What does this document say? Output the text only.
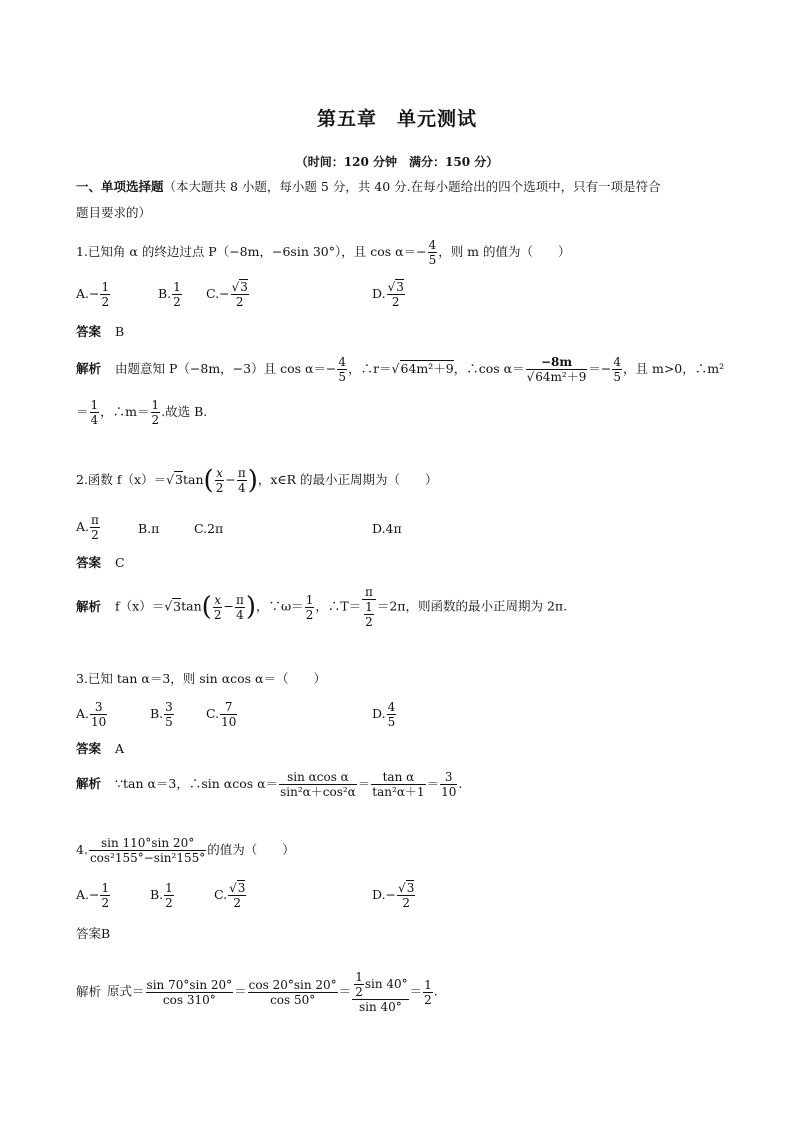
第五章　单元测试
（时间：120 分钟　满分：150 分）
一、单项选择题（本大题共 8 小题，每小题 5 分，共 40 分.在每小题给出的四个选项中，只有一项是符合
题目要求的）
1.已知角 α 的终边过点 P（−8m，−6sin 30°），且 $\cos \alpha=- \frac{4}{5}$ ，则 m 的值为（　　）
$A.- \frac{1}{2}$	B. $\frac{1}{2} C.- \frac{√3}{2}$	D. $\frac{√3}{2}$
答案 B
解析 由题意知 P（−8m，−3）且 $\cos \alpha=- \frac{4}{5}$ ，∴r＝√64m²＋9，∴cos $\alpha= \frac{-8m}{\text{√64m²＋9}} =- \frac{4}{5}$ ，且 m>0，∴m²
＝ $\frac{1}{4}$ ，∴m＝ $\frac{1}{2}$ .故选 B.
2.函数 $f(x)=√3\tan( \frac{x}{2} - \frac{\pi}{4}$ )，x∈R 的最小正周期为（　　）
A. $\frac{\pi}{2}$	B.π	C.2π	D.4π
答案 C
解析 $f(x)=√3\tan( \frac{x}{2} - \frac{\pi}{4}$ )，∵ω＝ $\frac{1}{2}$ ，∴T＝ $\frac{\pi}{\frac{1}{2}} =2\pi$，则函数的最小正周期为 2π.
3.已知 tan α＝3，则 sin αcos α＝（　　）
A. $\frac{3}{10}$	B. $\frac{3}{5}$	C. $\frac{7}{10}$	D. $\frac{4}{5}$
答案 A
解析 ∵tan α＝3，∴sin αcos $\alpha= \frac{\text{sin αcos α}}{\text{sin²α＋cos²α}} = \frac{\text{tan α}}{\text{tan²α＋1}} = \frac{3}{10}$ .
4. $\frac{\sin 110^\circ\sin 20^\circ}{\text{cos²155°−sin²155°}}$ 的值为（　　）
$A.- \frac{1}{2}$	B. $\frac{1}{2}$	C. $\frac{√3}{2}$	$D.- \frac{√3}{2}$
答案B
解析 原式＝ $\frac{\sin 70^\circ\sin 20^\circ}{\cos 310^\circ} = \frac{\cos 20^\circ\sin 20^\circ}{\cos 50^\circ} = \frac{\frac{1}{2} \sin 40^\circ}{\sin 40^\circ} = \frac{1}{2}$ .
